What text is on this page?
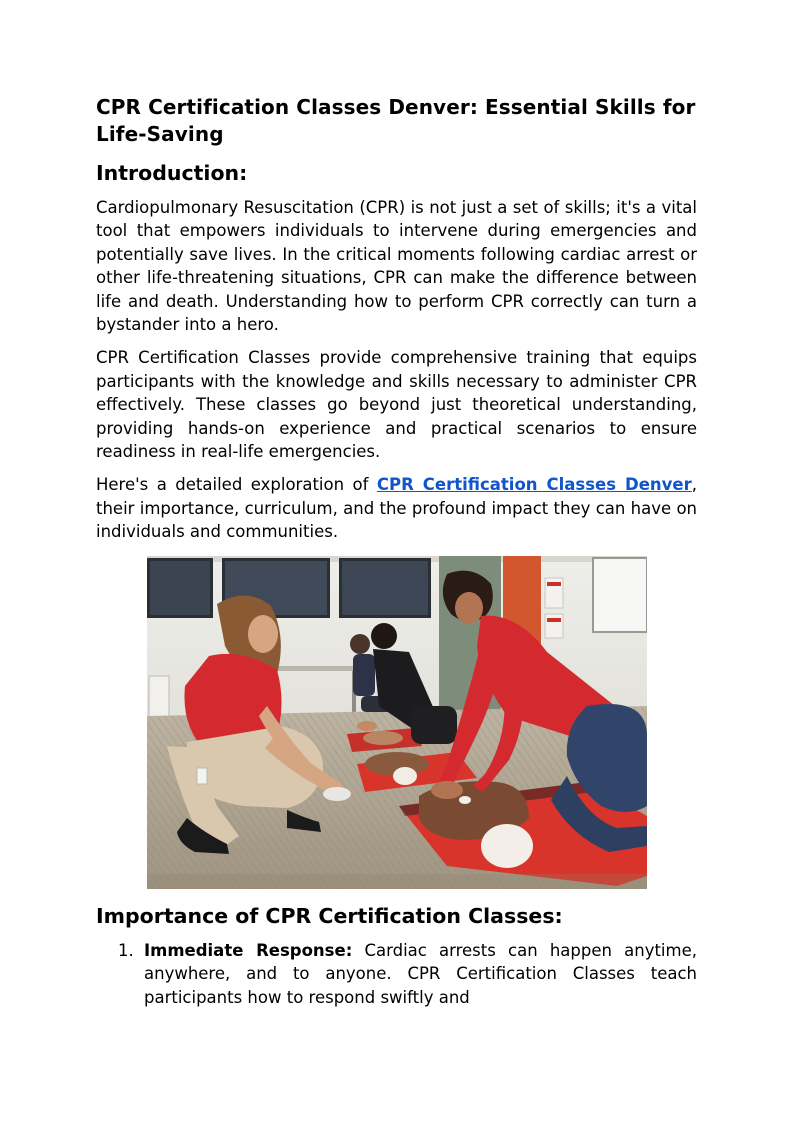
CPR Certification Classes Denver: Essential Skills for Life-Saving
Introduction:

Cardiopulmonary Resuscitation (CPR) is not just a set of skills; it's a vital tool that empowers individuals to intervene during emergencies and potentially save lives. In the critical moments following cardiac arrest or other life-threatening situations, CPR can make the difference between life and death. Understanding how to perform CPR correctly can turn a bystander into a hero.

CPR Certification Classes provide comprehensive training that equips participants with the knowledge and skills necessary to administer CPR effectively. These classes go beyond just theoretical understanding, providing hands-on experience and practical scenarios to ensure readiness in real-life emergencies.

Here's a detailed exploration of CPR Certification Classes Denver, their importance, curriculum, and the profound impact they can have on individuals and communities.

Importance of CPR Certification Classes:
1. Immediate Response: Cardiac arrests can happen anytime, anywhere, and to anyone. CPR Certification Classes teach participants how to respond swiftly and
